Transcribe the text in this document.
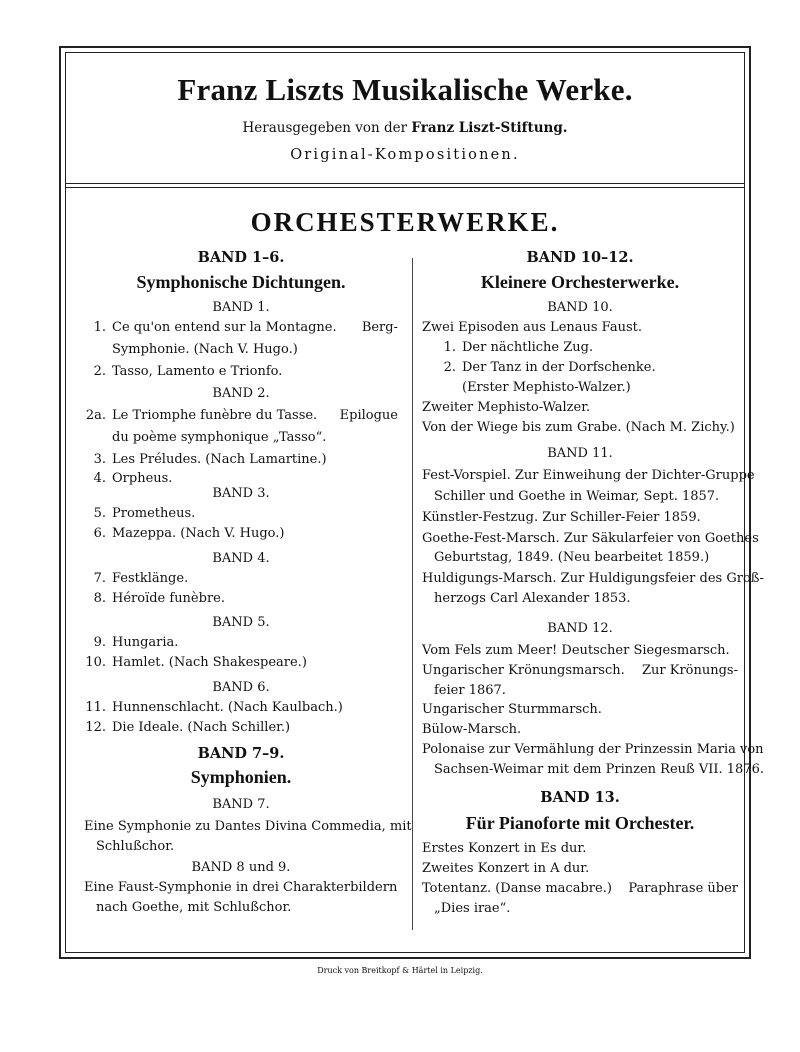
Franz Liszts Musikalische Werke.
Herausgegeben von der Franz Liszt-Stiftung.
Original-Kompositionen.
ORCHESTERWERKE.
BAND 1–6.
Symphonische Dichtungen.
BAND 1.
1. Ce qu'on entend sur la Montagne. Berg-
Symphonie. (Nach V. Hugo.)
2. Tasso, Lamento e Trionfo.
BAND 2.
2a. Le Triomphe funèbre du Tasse. Epilogue
du poème symphonique „Tasso“.
3. Les Préludes. (Nach Lamartine.)
4. Orpheus.
BAND 3.
5. Prometheus.
6. Mazeppa. (Nach V. Hugo.)
BAND 4.
7. Festklänge.
8. Héroïde funèbre.
BAND 5.
9. Hungaria.
10. Hamlet. (Nach Shakespeare.)
BAND 6.
11. Hunnenschlacht. (Nach Kaulbach.)
12. Die Ideale. (Nach Schiller.)
BAND 7–9.
Symphonien.
BAND 7.
Eine Symphonie zu Dantes Divina Commedia, mit
Schlußchor.
BAND 8 und 9.
Eine Faust-Symphonie in drei Charakterbildern
nach Goethe, mit Schlußchor.
BAND 10–12.
Kleinere Orchesterwerke.
BAND 10.
Zwei Episoden aus Lenaus Faust.
1. Der nächtliche Zug.
2. Der Tanz in der Dorfschenke.
(Erster Mephisto-Walzer.)
Zweiter Mephisto-Walzer.
Von der Wiege bis zum Grabe. (Nach M. Zichy.)
BAND 11.
Fest-Vorspiel. Zur Einweihung der Dichter-Gruppe
Schiller und Goethe in Weimar, Sept. 1857.
Künstler-Festzug. Zur Schiller-Feier 1859.
Goethe-Fest-Marsch. Zur Säkularfeier von Goethes
Geburtstag, 1849. (Neu bearbeitet 1859.)
Huldigungs-Marsch. Zur Huldigungsfeier des Groß-
herzogs Carl Alexander 1853.
BAND 12.
Vom Fels zum Meer! Deutscher Siegesmarsch.
Ungarischer Krönungsmarsch. Zur Krönungs-
feier 1867.
Ungarischer Sturmmarsch.
Bülow-Marsch.
Polonaise zur Vermählung der Prinzessin Maria von
Sachsen-Weimar mit dem Prinzen Reuß VII. 1876.
BAND 13.
Für Pianoforte mit Orchester.
Erstes Konzert in Es dur.
Zweites Konzert in A dur.
Totentanz. (Danse macabre.) Paraphrase über
„Dies irae“.
Druck von Breitkopf & Härtel in Leipzig.
